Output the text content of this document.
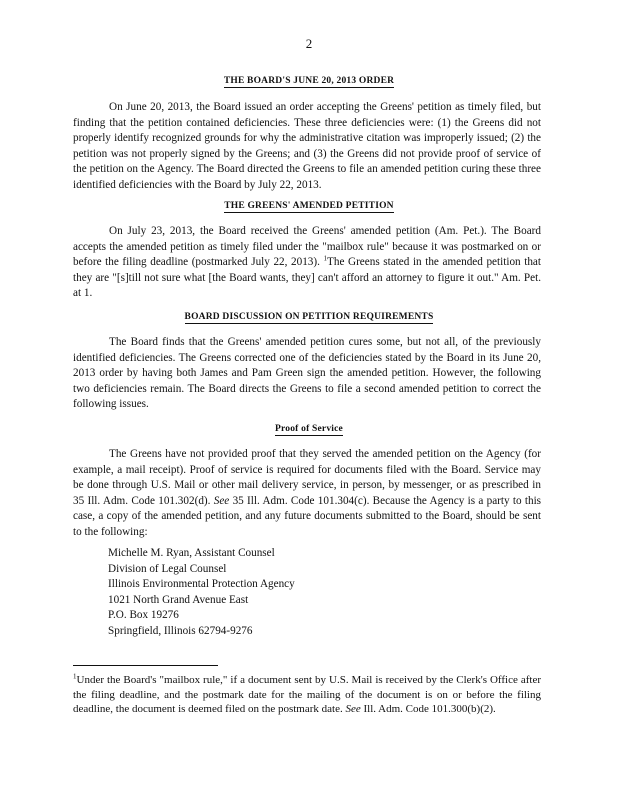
2
THE BOARD'S JUNE 20, 2013 ORDER
On June 20, 2013, the Board issued an order accepting the Greens' petition as timely filed, but finding that the petition contained deficiencies. These three deficiencies were: (1) the Greens did not properly identify recognized grounds for why the administrative citation was improperly issued; (2) the petition was not properly signed by the Greens; and (3) the Greens did not provide proof of service of the petition on the Agency. The Board directed the Greens to file an amended petition curing these three identified deficiencies with the Board by July 22, 2013.
THE GREENS' AMENDED PETITION
On July 23, 2013, the Board received the Greens' amended petition (Am. Pet.). The Board accepts the amended petition as timely filed under the "mailbox rule" because it was postmarked on or before the filing deadline (postmarked July 22, 2013). $^1$The Greens stated in the amended petition that they are "[s]till not sure what [the Board wants, they] can't afford an attorney to figure it out." Am. Pet. at 1.
BOARD DISCUSSION ON PETITION REQUIREMENTS
The Board finds that the Greens' amended petition cures some, but not all, of the previously identified deficiencies. The Greens corrected one of the deficiencies stated by the Board in its June 20, 2013 order by having both James and Pam Green sign the amended petition. However, the following two deficiencies remain. The Board directs the Greens to file a second amended petition to correct the following issues.
Proof of Service
The Greens have not provided proof that they served the amended petition on the Agency (for example, a mail receipt). Proof of service is required for documents filed with the Board. Service may be done through U.S. Mail or other mail delivery service, in person, by messenger, or as prescribed in 35 Ill. Adm. Code 101.302(d). See 35 Ill. Adm. Code 101.304(c). Because the Agency is a party to this case, a copy of the amended petition, and any future documents submitted to the Board, should be sent to the following:
Michelle M. Ryan, Assistant Counsel
Division of Legal Counsel
Illinois Environmental Protection Agency
1021 North Grand Avenue East
P.O. Box 19276
Springfield, Illinois 62794-9276
$^1$Under the Board's "mailbox rule," if a document sent by U.S. Mail is received by the Clerk's Office after the filing deadline, and the postmark date for the mailing of the document is on or before the filing deadline, the document is deemed filed on the postmark date. See Ill. Adm. Code 101.300(b)(2).
